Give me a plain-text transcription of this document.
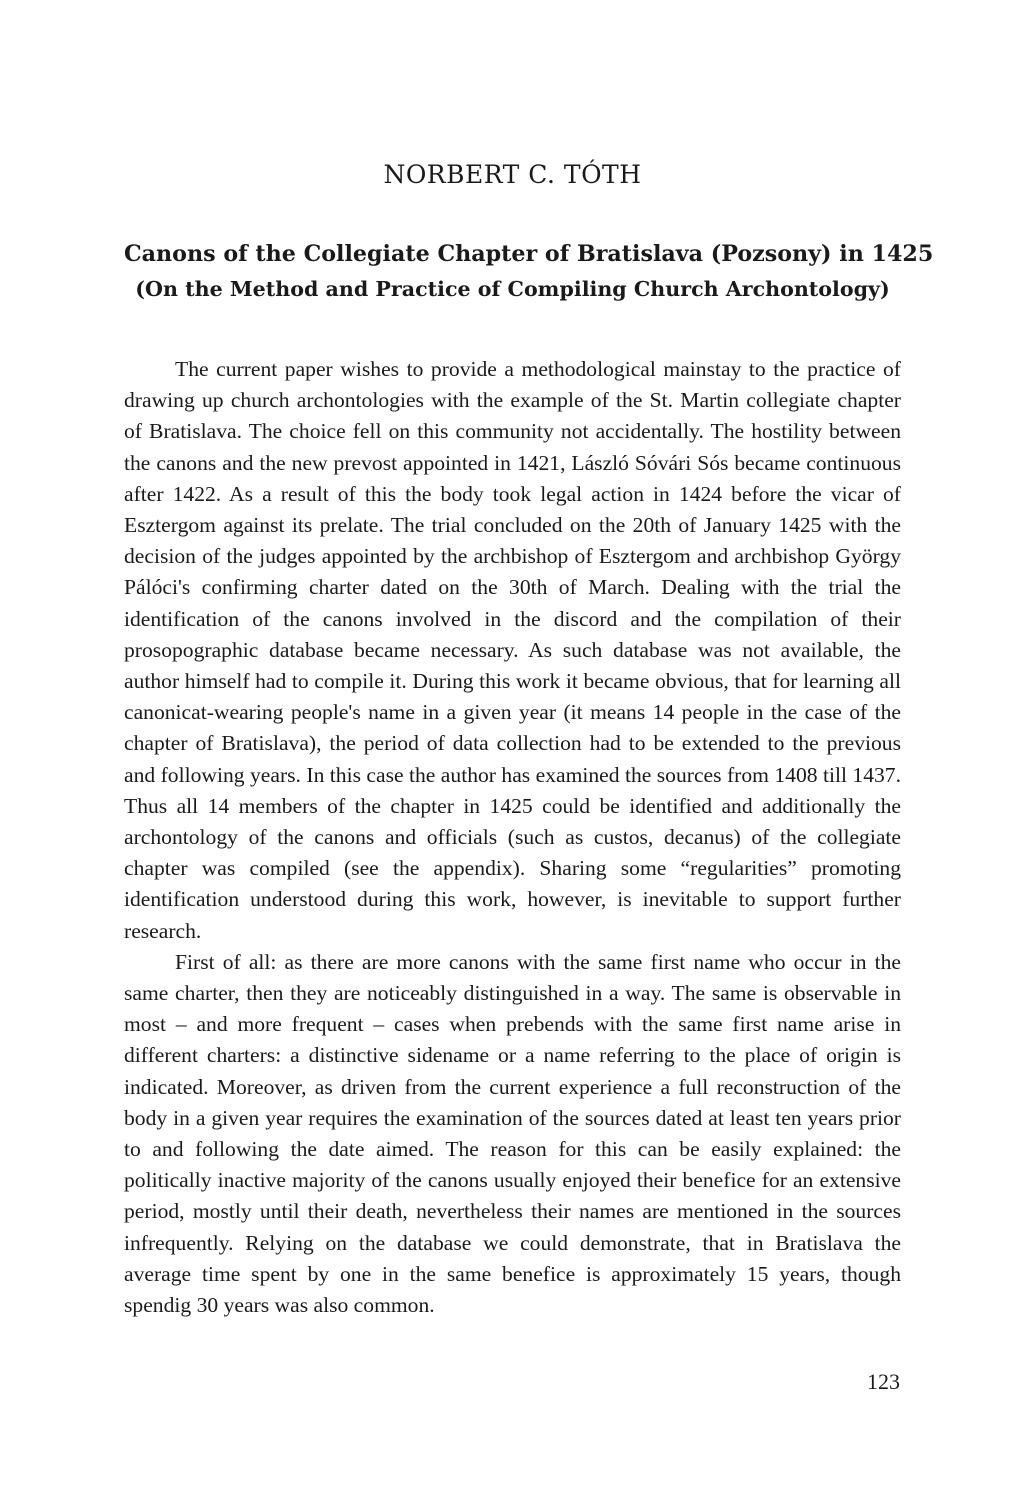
NORBERT C. TÓTH
Canons of the Collegiate Chapter of Bratislava (Pozsony) in 1425
(On the Method and Practice of Compiling Church Archontology)

The current paper wishes to provide a methodological mainstay to the practice of drawing up church archontologies with the example of the St. Martin collegiate chapter of Bratislava. The choice fell on this community not accidentally. The hostility between the canons and the new prevost appointed in 1421, László Sóvári Sós became continuous after 1422. As a result of this the body took legal action in 1424 before the vicar of Esztergom against its prelate. The trial concluded on the 20th of January 1425 with the decision of the judges appointed by the archbishop of Esztergom and archbishop György Pálóci's confirming charter dated on the 30th of March. Dealing with the trial the identification of the canons involved in the discord and the compilation of their prosopographic database became necessary. As such database was not available, the author himself had to compile it. During this work it became obvious, that for learning all canonicat-wearing people's name in a given year (it means 14 people in the case of the chapter of Bratislava), the period of data collection had to be extended to the previous and following years. In this case the author has examined the sources from 1408 till 1437. Thus all 14 members of the chapter in 1425 could be identified and additionally the archontology of the canons and officials (such as custos, decanus) of the collegiate chapter was compiled (see the appendix). Sharing some “regularities” promoting identification understood during this work, however, is inevitable to support further research.

First of all: as there are more canons with the same first name who occur in the same charter, then they are noticeably distinguished in a way. The same is observable in most – and more frequent – cases when prebends with the same first name arise in different charters: a distinctive sidename or a name referring to the place of origin is indicated. Moreover, as driven from the current experience a full reconstruction of the body in a given year requires the examination of the sources dated at least ten years prior to and following the date aimed. The reason for this can be easily explained: the politically inactive majority of the canons usually enjoyed their benefice for an extensive period, mostly until their death, nevertheless their names are mentioned in the sources infrequently. Relying on the database we could demonstrate, that in Bratislava the average time spent by one in the same benefice is approximately 15 years, though spendig 30 years was also common.

123
